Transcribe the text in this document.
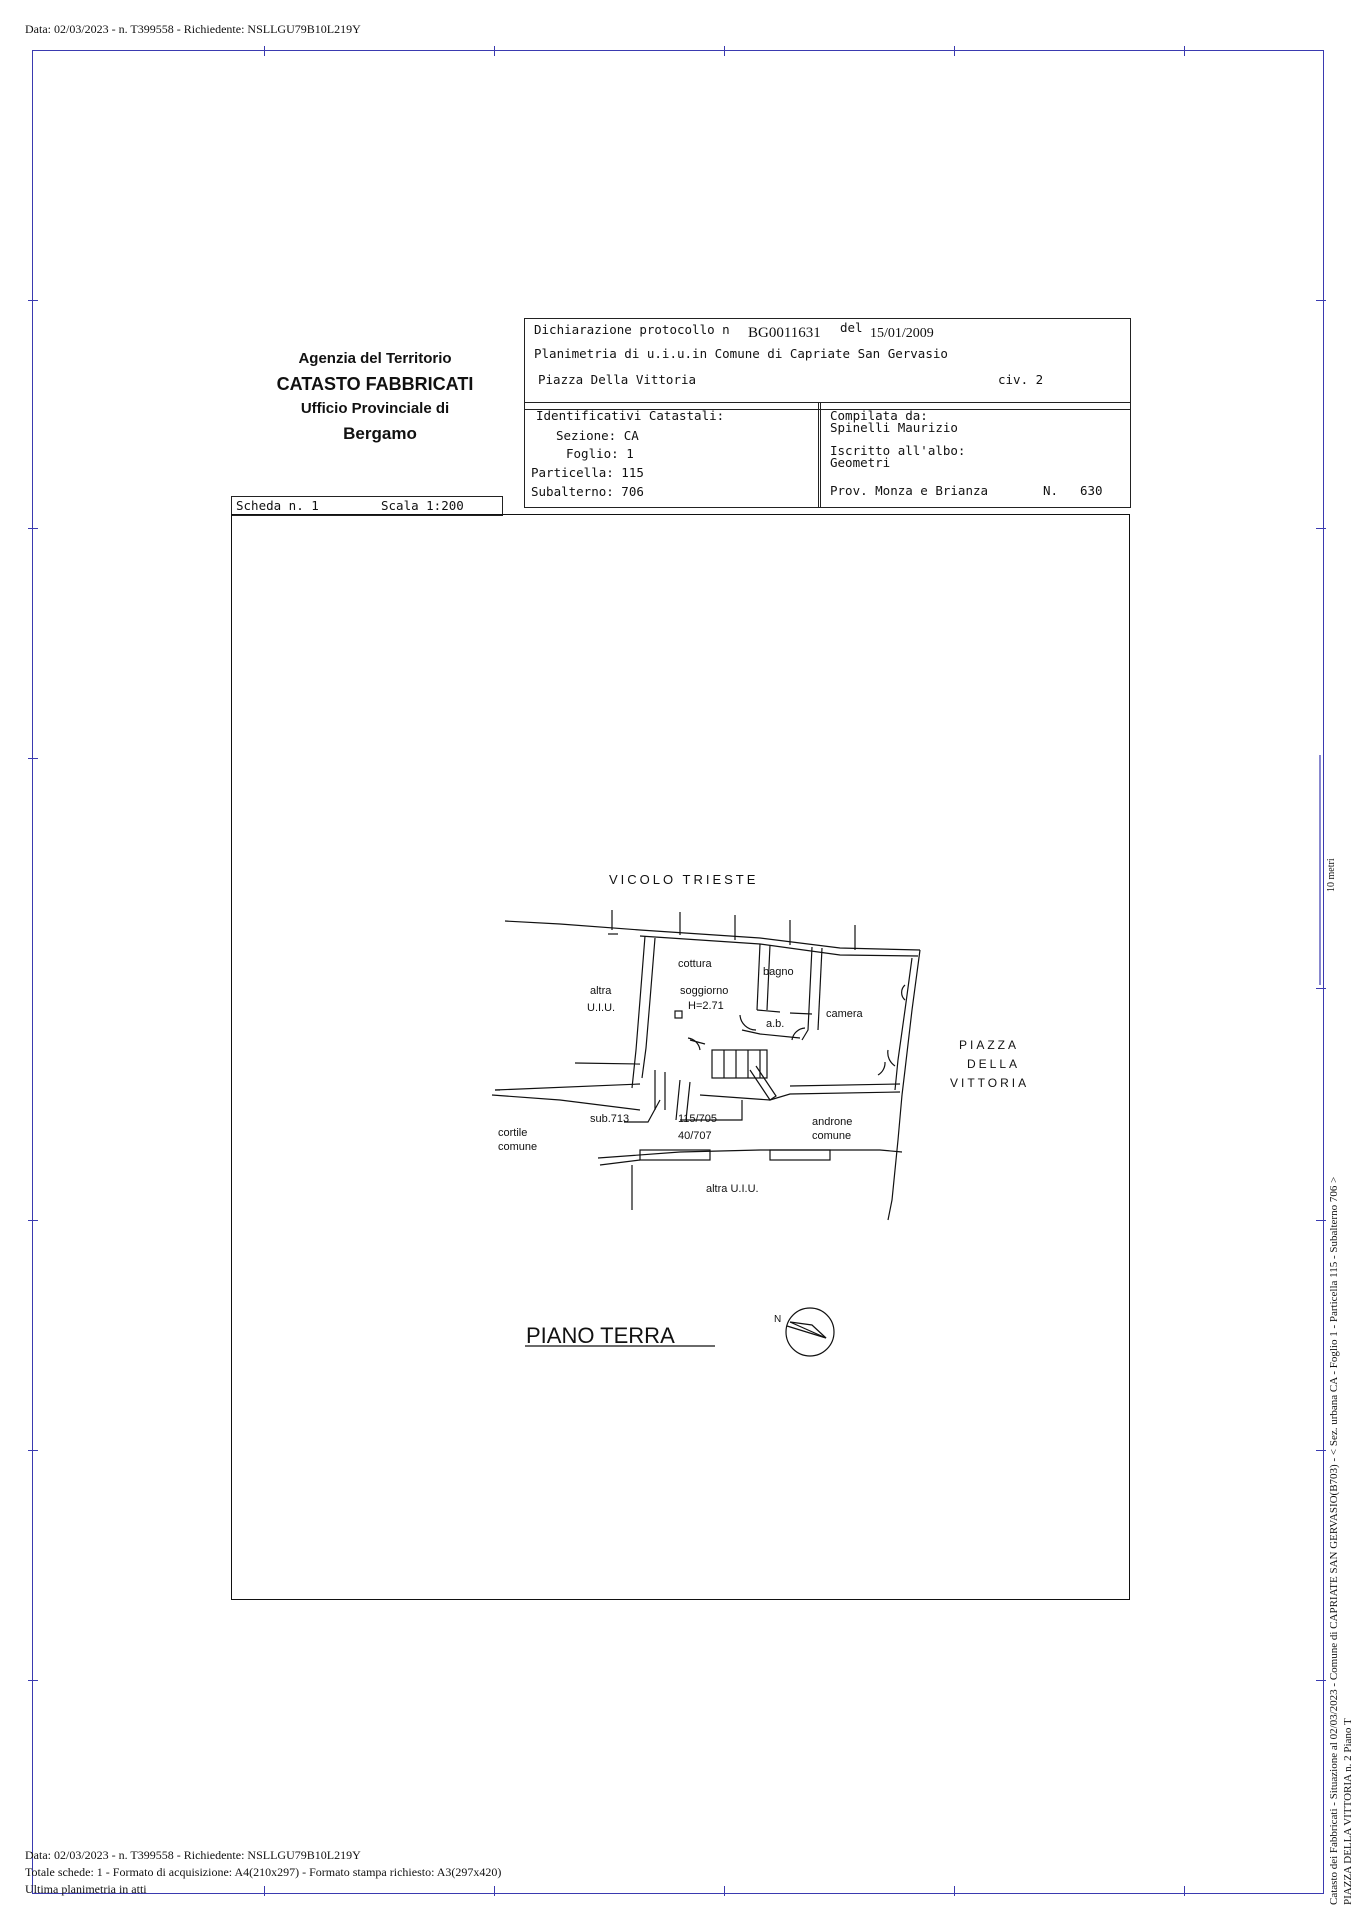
Data: 02/03/2023 - n. T399558 - Richiedente: NSLLGU79B10L219Y
Agenzia del Territorio
CATASTO FABBRICATI
Ufficio Provinciale di
Bergamo
Dichiarazione protocollo n BG0011631 del 15/01/2009
Planimetria di u.i.u.in Comune di Capriate San Gervasio
Piazza Della Vittoria	civ. 2
Identificativi Catastali:
Sezione: CA
Foglio: 1
Particella: 115
Subalterno: 706
Compilata da:
Spinelli Maurizio
Iscritto all'albo:
Geometri
Prov. Monza e Brianza	N. 630
Scheda n. 1	Scala 1:200
VICOLO TRIESTE
PIAZZA
DELLA
VITTORIA
altra
U.I.U.
cottura
soggiorno
H=2.71
bagno
a.b.
camera
sub.713	115/705
40/707
cortile
comune
androne
comune
altra U.I.U.
PIANO TERRA
N
10 metri
Catasto dei Fabbricati - Situazione al 02/03/2023 - Comune di CAPRIATE SAN GERVASIO(B703) - < Sez. urbana CA - Foglio 1 - Particella 115 - Subalterno 706 > PIAZZA DELLA VITTORIA n. 2 Piano T
Data: 02/03/2023 - n. T399558 - Richiedente: NSLLGU79B10L219Y
Totale schede: 1 - Formato di acquisizione: A4(210x297) - Formato stampa richiesto: A3(297x420)
Ultima planimetria in atti
